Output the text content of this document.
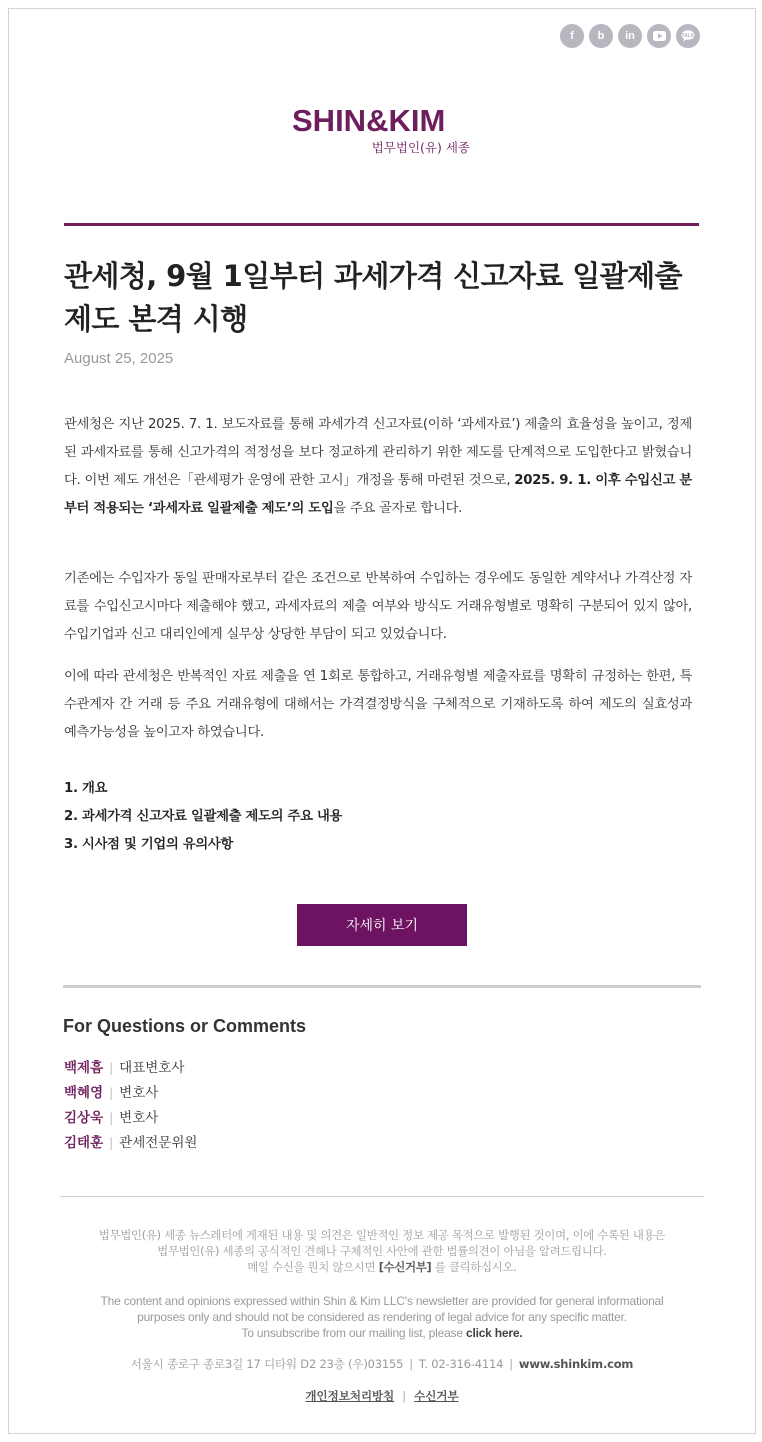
f	b	in	TALK
SHIN&KIM
법무법인(유) 세종
관세청, 9월 1일부터 과세가격 신고자료 일괄제출 제도 본격 시행
August 25, 2025

관세청은 지난 2025. 7. 1. 보도자료를 통해 과세가격 신고자료(이하 ‘과세자료’) 제출의 효율성을 높이고, 정제된 과세자료를 통해 신고가격의 적정성을 보다 정교하게 관리하기 위한 제도를 단계적으로 도입한다고 밝혔습니다. 이번 제도 개선은「관세평가 운영에 관한 고시」개정을 통해 마련된 것으로, 2025. 9. 1. 이후 수입신고 분부터 적용되는 ‘과세자료 일괄제출 제도’의 도입을 주요 골자로 합니다.

기존에는 수입자가 동일 판매자로부터 같은 조건으로 반복하여 수입하는 경우에도 동일한 계약서나 가격산정 자료를 수입신고시마다 제출해야 했고, 과세자료의 제출 여부와 방식도 거래유형별로 명확히 구분되어 있지 않아, 수입기업과 신고 대리인에게 실무상 상당한 부담이 되고 있었습니다.

이에 따라 관세청은 반복적인 자료 제출을 연 1회로 통합하고, 거래유형별 제출자료를 명확히 규정하는 한편, 특수관계자 간 거래 등 주요 거래유형에 대해서는 가격결정방식을 구체적으로 기재하도록 하여 제도의 실효성과 예측가능성을 높이고자 하였습니다.

1. 개요
2. 과세가격 신고자료 일괄제출 제도의 주요 내용
3. 시사점 및 기업의 유의사항
자세히 보기
For Questions or Comments
백제흠 | 대표변호사
백혜영 | 변호사
김상욱 | 변호사
김태훈 | 관세전문위원
법무법인(유) 세종 뉴스레터에 게재된 내용 및 의견은 일반적인 정보 제공 목적으로 발행된 것이며, 이에 수록된 내용은
법무법인(유) 세종의 공식적인 견해나 구체적인 사안에 관한 법률의견이 아님을 알려드립니다.
메일 수신을 원치 않으시면 [수신거부] 를 클릭하십시오.
The content and opinions expressed within Shin & Kim LLC's newsletter are provided for general informational
purposes only and should not be considered as rendering of legal advice for any specific matter.
To unsubscribe from our mailing list, please click here.
서울시 종로구 종로3길 17 디타워 D2 23층 (우)03155 | T. 02-316-4114 | www.shinkim.com
개인정보처리방침 | 수신거부
